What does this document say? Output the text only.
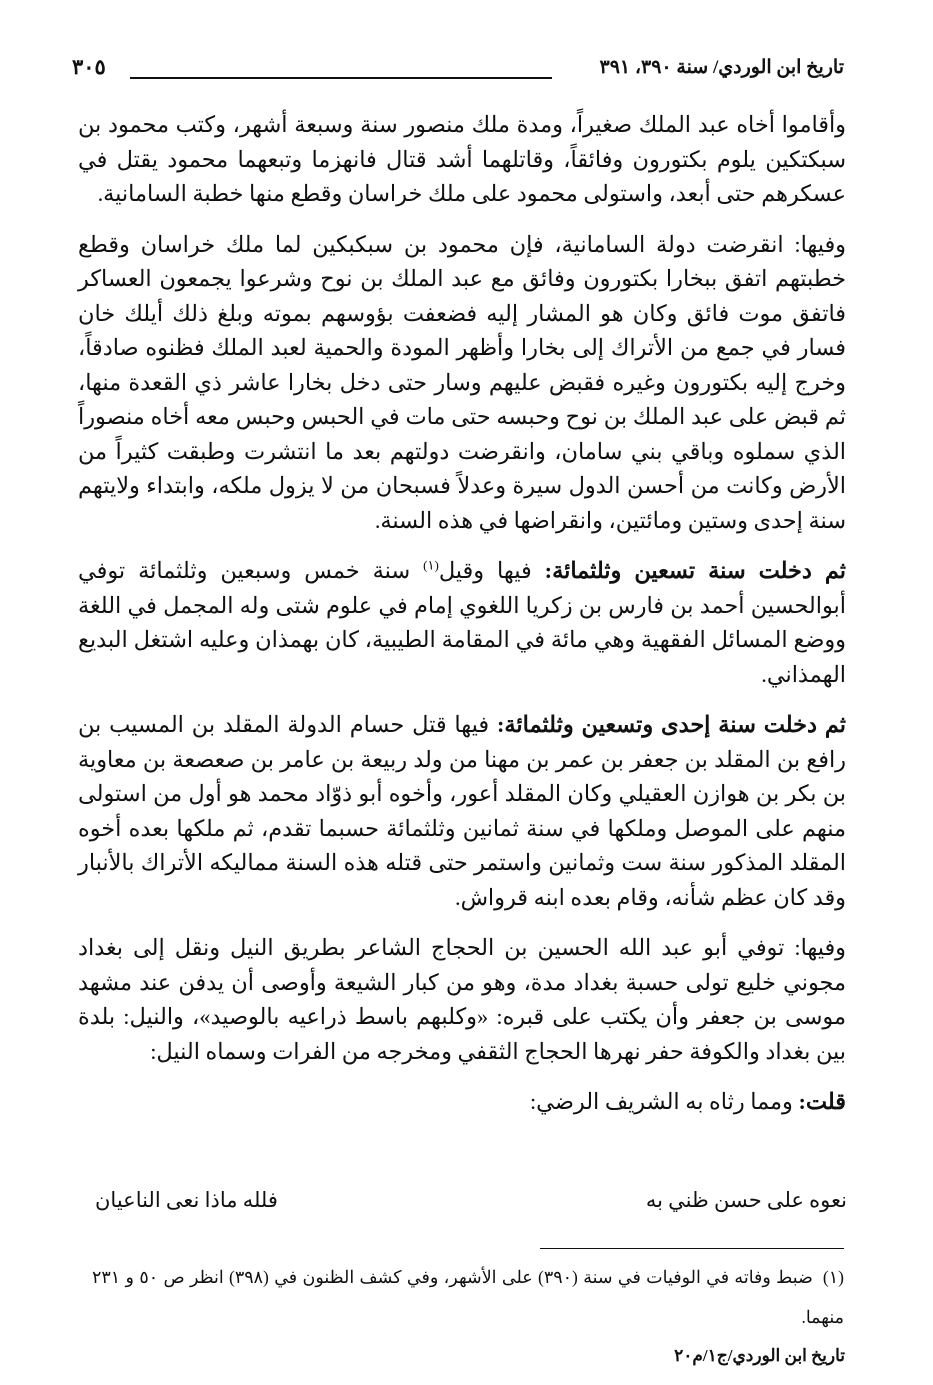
تاريخ ابن الوردي/ سنة ٣٩٠، ٣٩١
٣٠٥

وأقاموا أخاه عبد الملك صغيراً، ومدة ملك منصور سنة وسبعة أشهر، وكتب محمود بن سبكتكين يلوم بكتورون وفائقاً، وقاتلهما أشد قتال فانهزما وتبعهما محمود يقتل في عسكرهم حتى أبعد، واستولى محمود على ملك خراسان وقطع منها خطبة السامانية.

وفيها: انقرضت دولة السامانية، فإن محمود بن سبكبكين لما ملك خراسان وقطع خطبتهم اتفق ببخارا بكتورون وفائق مع عبد الملك بن نوح وشرعوا يجمعون العساكر فاتفق موت فائق وكان هو المشار إليه فضعفت بؤوسهم بموته وبلغ ذلك أيلك خان فسار في جمع من الأتراك إلى بخارا وأظهر المودة والحمية لعبد الملك فظنوه صادقاً، وخرج إليه بكتورون وغيره فقبض عليهم وسار حتى دخل بخارا عاشر ذي القعدة منها، ثم قبض على عبد الملك بن نوح وحبسه حتى مات في الحبس وحبس معه أخاه منصوراً الذي سملوه وباقي بني سامان، وانقرضت دولتهم بعد ما انتشرت وطبقت كثيراً من الأرض وكانت من أحسن الدول سيرة وعدلاً فسبحان من لا يزول ملكه، وابتداء ولايتهم سنة إحدى وستين ومائتين، وانقراضها في هذه السنة.

ثم دخلت سنة تسعين وثلثمائة: فيها وقيل$^{(١)}$ سنة خمس وسبعين وثلثمائة توفي أبوالحسين أحمد بن فارس بن زكريا اللغوي إمام في علوم شتى وله المجمل في اللغة ووضع المسائل الفقهية وهي مائة في المقامة الطيبية، كان بهمذان وعليه اشتغل البديع الهمذاني.

ثم دخلت سنة إحدى وتسعين وثلثمائة: فيها قتل حسام الدولة المقلد بن المسيب بن رافع بن المقلد بن جعفر بن عمر بن مهنا من ولد ربيعة بن عامر بن صعصعة بن معاوية بن بكر بن هوازن العقيلي وكان المقلد أعور، وأخوه أبو ذوّاد محمد هو أول من استولى منهم على الموصل وملكها في سنة ثمانين وثلثمائة حسبما تقدم، ثم ملكها بعده أخوه المقلد المذكور سنة ست وثمانين واستمر حتى قتله هذه السنة مماليكه الأتراك بالأنبار وقد كان عظم شأنه، وقام بعده ابنه قرواش.

وفيها: توفي أبو عبد الله الحسين بن الحجاج الشاعر بطريق النيل ونقل إلى بغداد مجوني خليع تولى حسبة بغداد مدة، وهو من كبار الشيعة وأوصى أن يدفن عند مشهد موسى بن جعفر وأن يكتب على قبره: «وكلبهم باسط ذراعيه بالوصيد»، والنيل: بلدة بين بغداد والكوفة حفر نهرها الحجاج الثقفي ومخرجه من الفرات وسماه النيل:

قلت: ومما رثاه به الشريف الرضي:

نعوه على حسن ظني به
فلله ماذا نعى الناعيان
(١)ضبط وفاته في الوفيات في سنة (٣٩٠) على الأشهر، وفي كشف الظنون في (٣٩٨) انظر ص ٥٠ و ٢٣١ منهما.
تاريخ ابن الوردي/ج١/م٢٠
